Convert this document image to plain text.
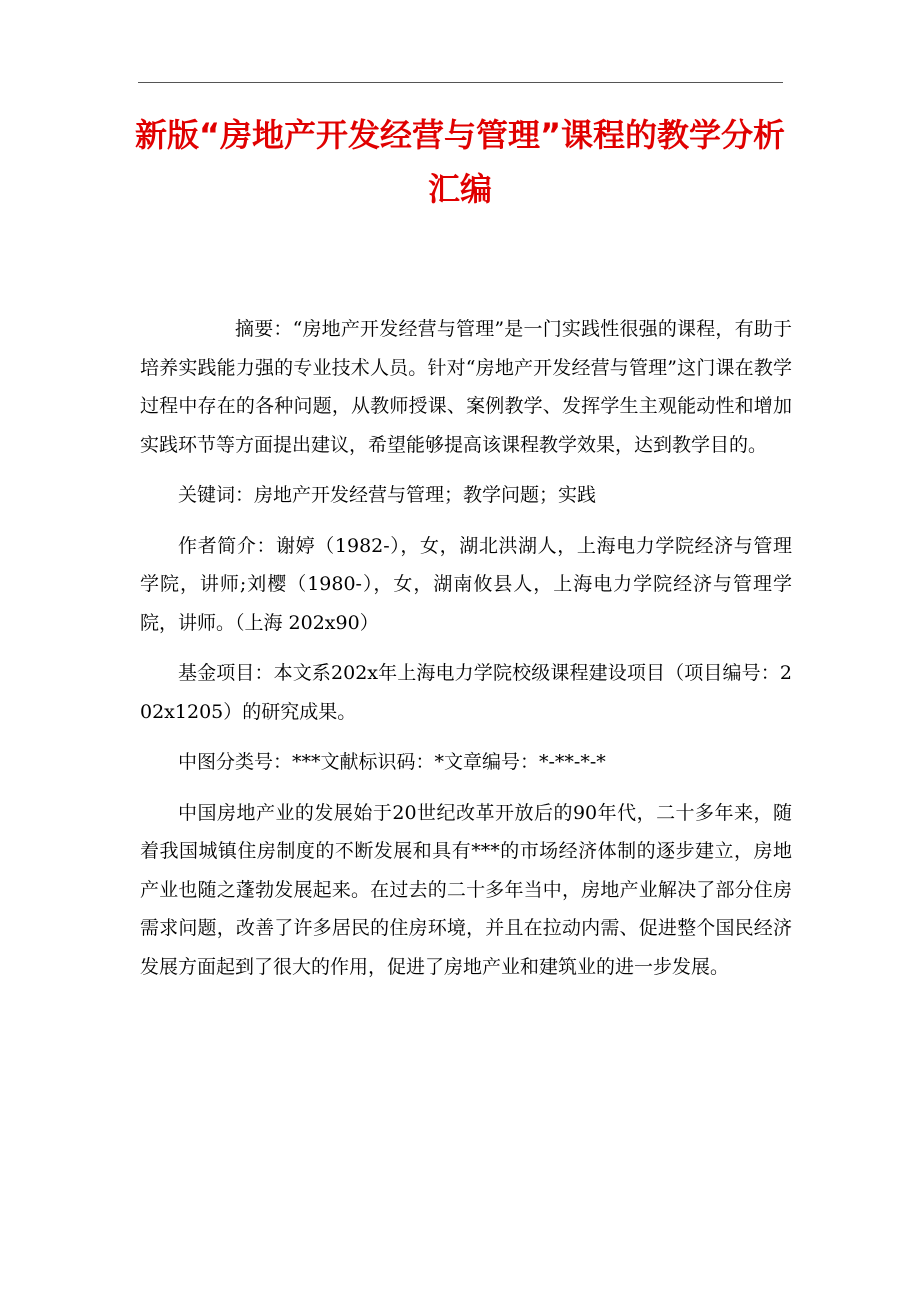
新版“房地产开发经营与管理”课程的教学分析汇编

摘要：“房地产开发经营与管理”是一门实践性很强的课程，有助于培养实践能力强的专业技术人员。针对“房地产开发经营与管理”这门课在教学过程中存在的各种问题，从教师授课、案例教学、发挥学生主观能动性和增加实践环节等方面提出建议，希望能够提高该课程教学效果，达到教学目的。

关键词：房地产开发经营与管理；教学问题；实践

作者简介：谢婷（1982-），女，湖北洪湖人，上海电力学院经济与管理学院，讲师;刘樱（1980-），女，湖南攸县人，上海电力学院经济与管理学院，讲师。（上海 202x90）

基金项目：本文系202x年上海电力学院校级课程建设项目（项目编号：202x1205）的研究成果。

中图分类号：***文献标识码：*文章编号：*-**-*-*

中国房地产业的发展始于20世纪改革开放后的90年代，二十多年来，随着我国城镇住房制度的不断发展和具有***的市场经济体制的逐步建立，房地产业也随之蓬勃发展起来。在过去的二十多年当中，房地产业解决了部分住房需求问题，改善了许多居民的住房环境，并且在拉动内需、促进整个国民经济发展方面起到了很大的作用，促进了房地产业和建筑业的进一步发展。
